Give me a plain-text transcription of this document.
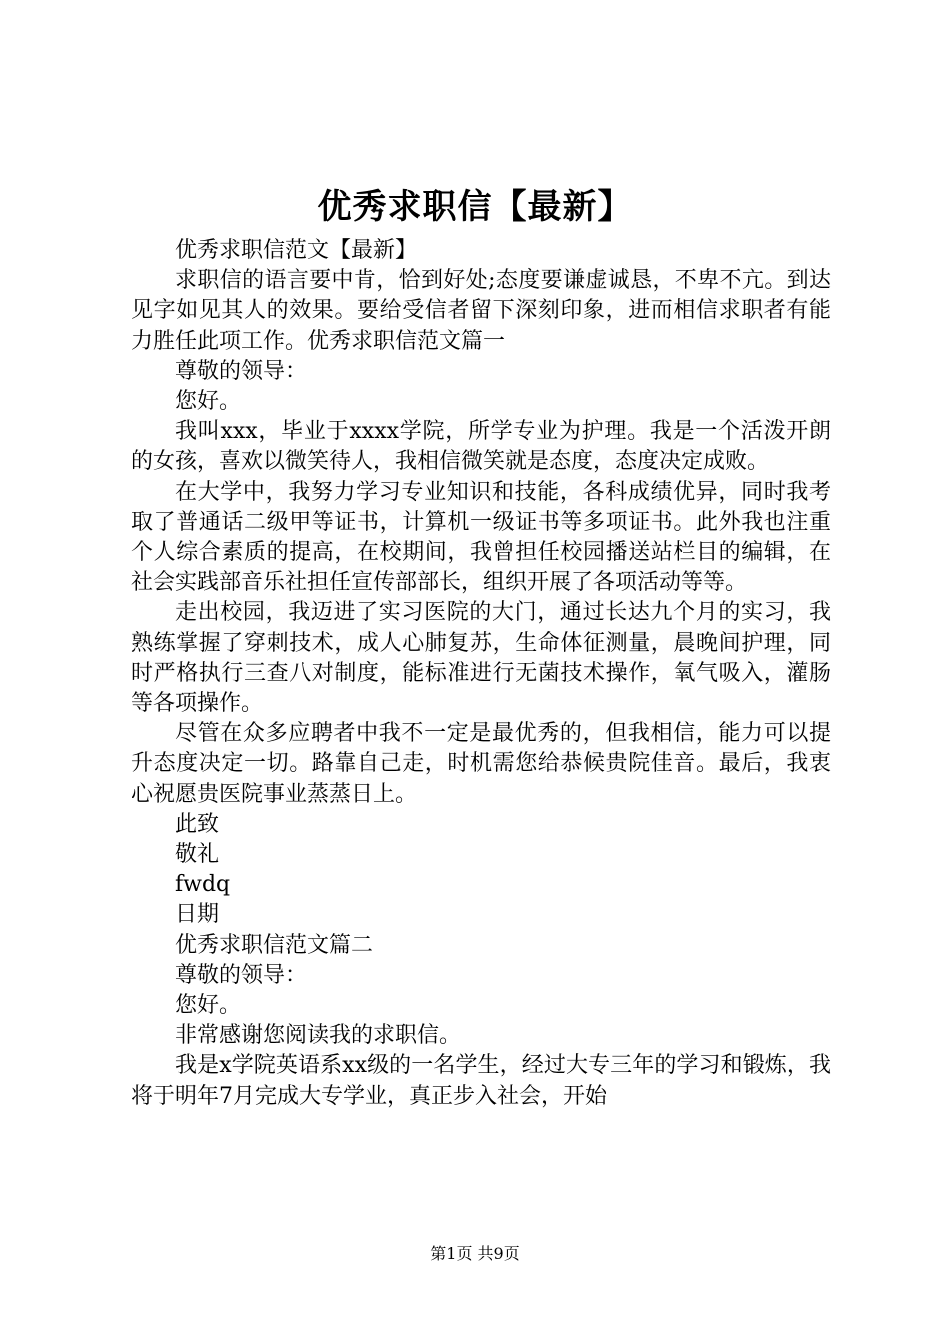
优秀求职信【最新】

优秀求职信范文【最新】

求职信的语言要中肯，恰到好处;态度要谦虚诚恳，不卑不亢。到达见字如见其人的效果。要给受信者留下深刻印象，进而相信求职者有能力胜任此项工作。优秀求职信范文篇一

尊敬的领导：

您好。

我叫xxx，毕业于xxxx学院，所学专业为护理。我是一个活泼开朗的女孩，喜欢以微笑待人，我相信微笑就是态度，态度决定成败。

在大学中，我努力学习专业知识和技能，各科成绩优异，同时我考取了普通话二级甲等证书，计算机一级证书等多项证书。此外我也注重个人综合素质的提高，在校期间，我曾担任校园播送站栏目的编辑，在社会实践部音乐社担任宣传部部长，组织开展了各项活动等等。

走出校园，我迈进了实习医院的大门，通过长达九个月的实习，我熟练掌握了穿刺技术，成人心肺复苏，生命体征测量，晨晚间护理，同时严格执行三查八对制度，能标准进行无菌技术操作，氧气吸入，灌肠等各项操作。

尽管在众多应聘者中我不一定是最优秀的，但我相信，能力可以提升态度决定一切。路靠自己走，时机需您给恭候贵院佳音。最后，我衷心祝愿贵医院事业蒸蒸日上。

此致

敬礼

fwdq

日期

优秀求职信范文篇二

尊敬的领导：

您好。

非常感谢您阅读我的求职信。

我是x学院英语系xx级的一名学生，经过大专三年的学习和锻炼，我将于明年7月完成大专学业，真正步入社会，开始

第1页 共9页
